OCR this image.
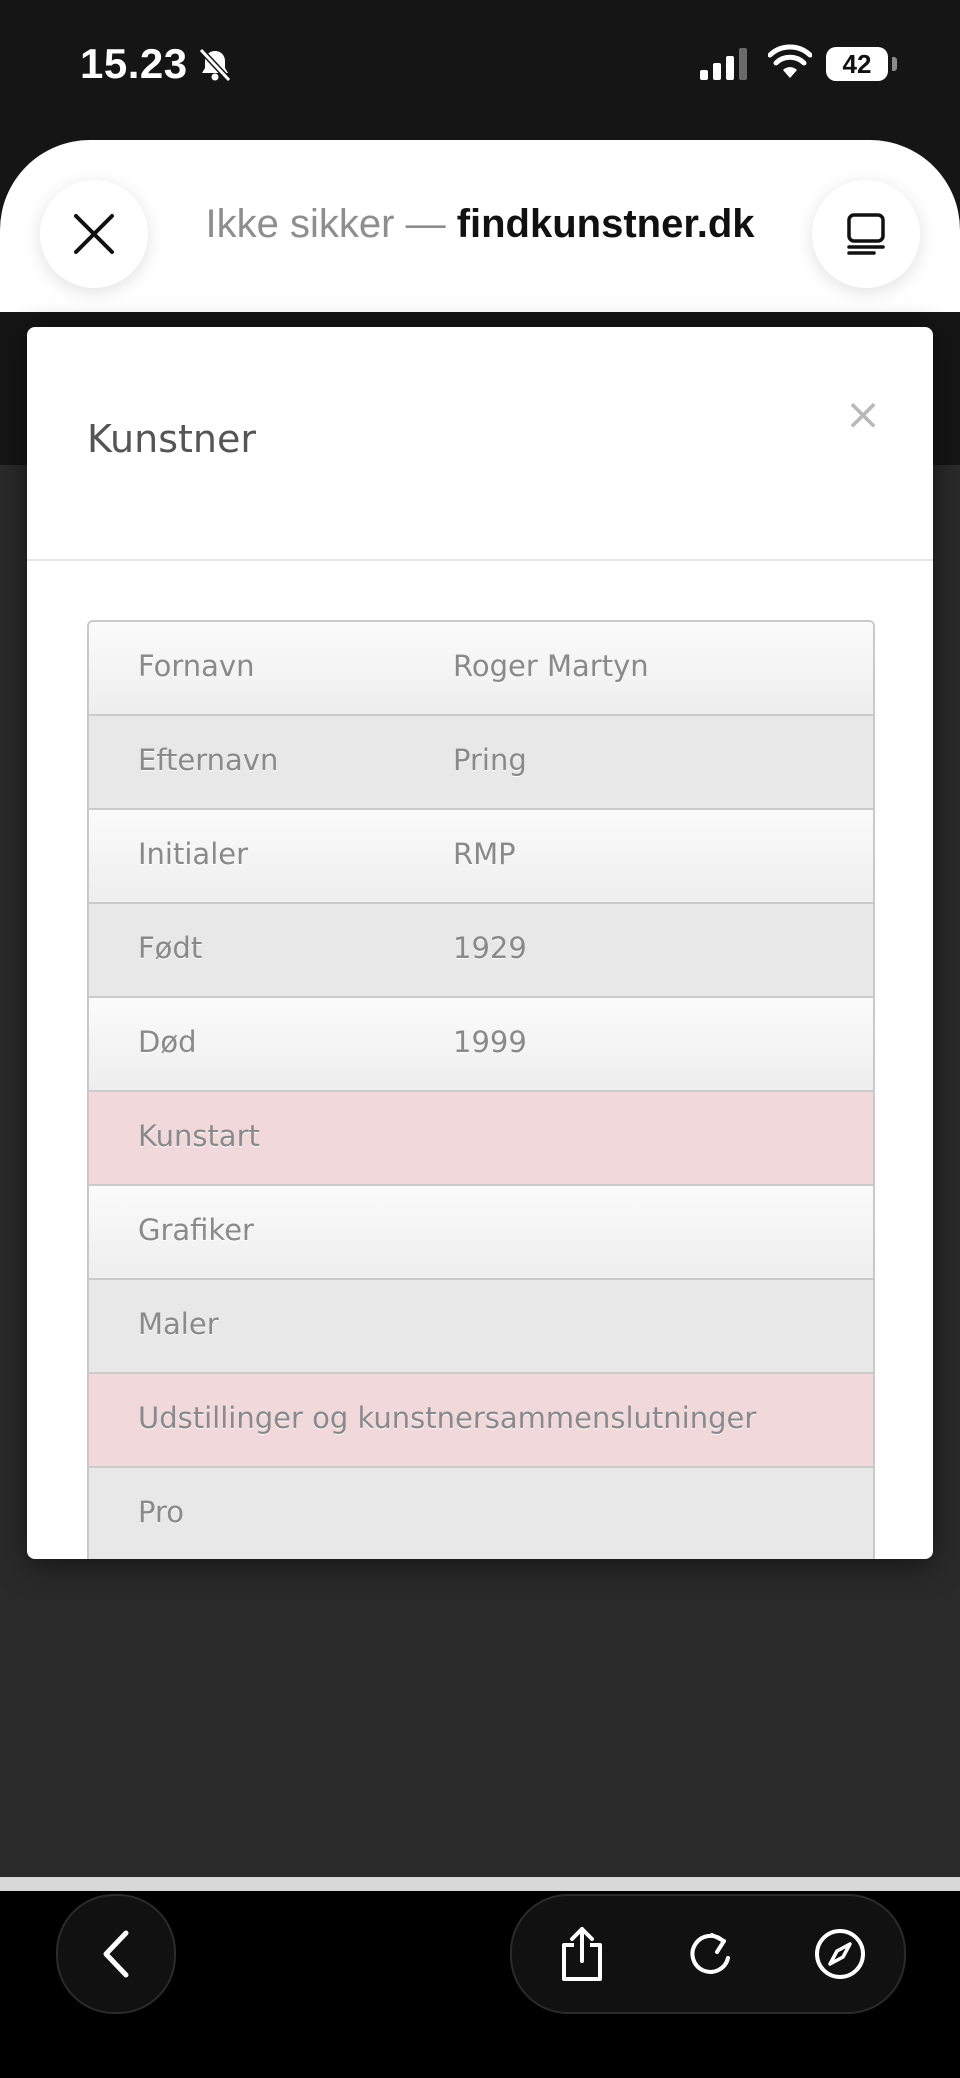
15.23	42
Ikke sikker — findkunstner.dk
×
Kunstner
Fornavn	Roger Martyn
Efternavn	Pring
Initialer	RMP
Født	1929
Død	1999
Kunstart
Grafiker
Maler
Udstillinger og kunstnersammenslutninger
Pro
